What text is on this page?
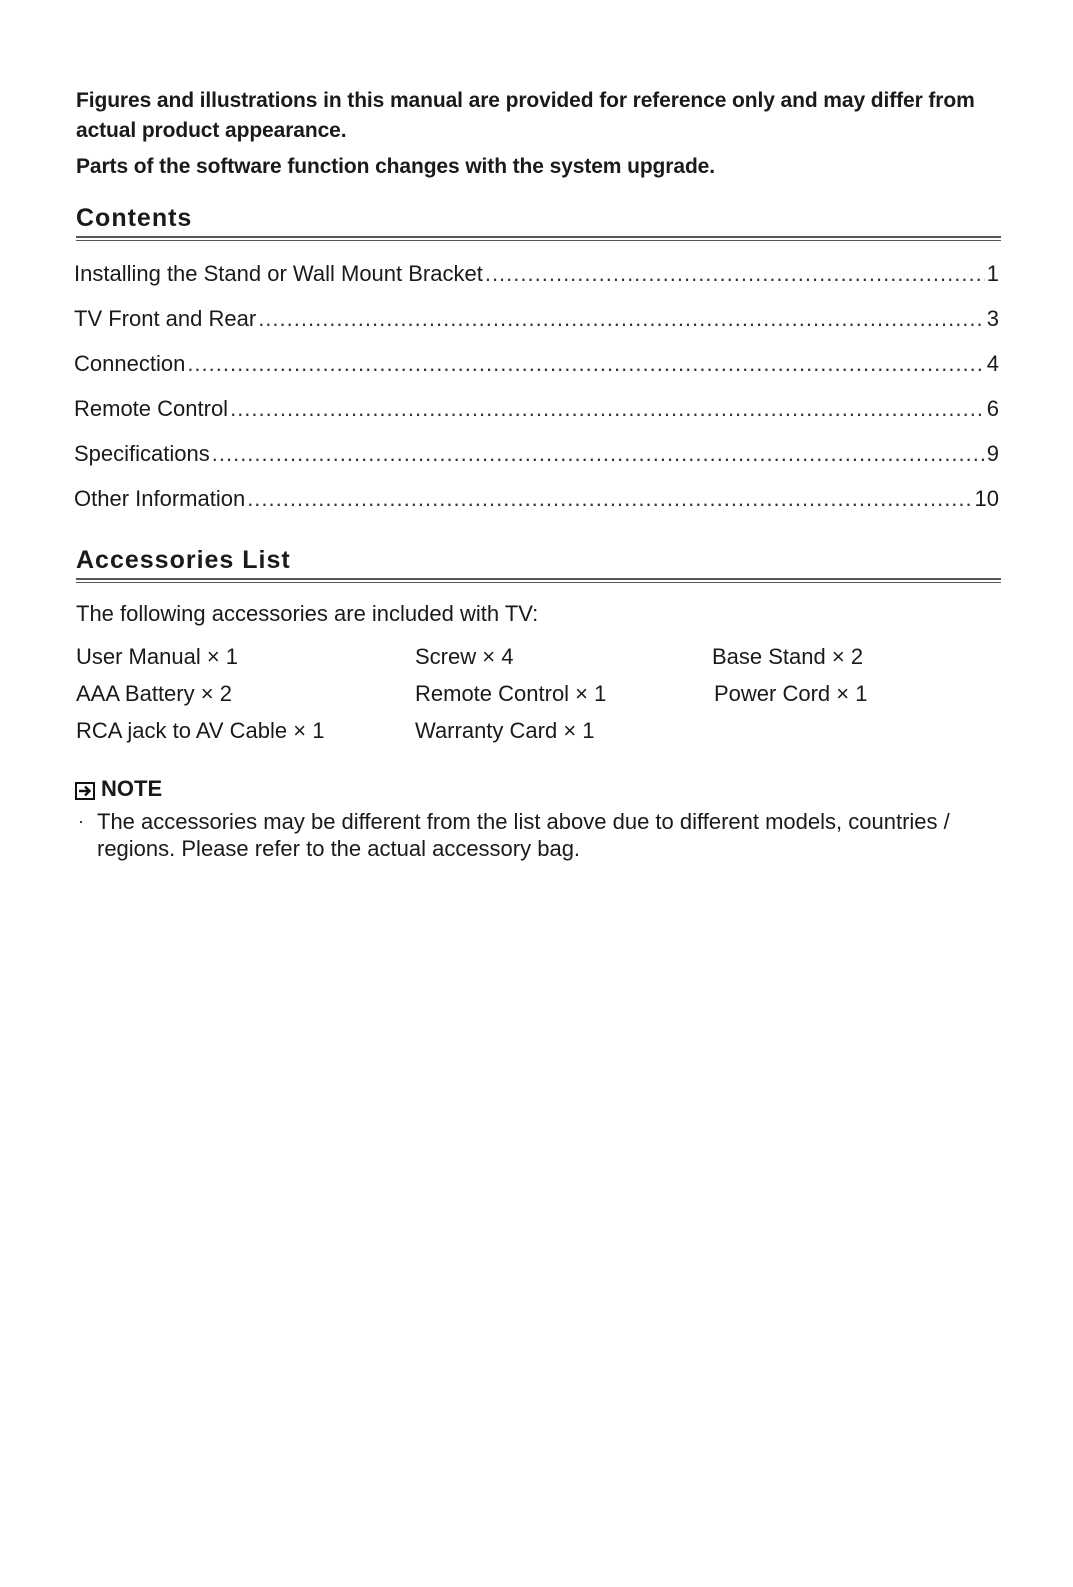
Figures and illustrations in this manual are provided for reference only and may differ from actual product appearance.

Parts of the software function changes with the system upgrade.

Contents
Installing the Stand or Wall Mount Bracket .....	1
TV Front and Rear .....	3
Connection .....	4
Remote Control .....	6
Specifications .....	9
Other Information .....	10
Accessories List
The following accessories are included with TV:
User Manual × 1	Screw × 4	Base Stand × 2
AAA Battery × 2	Remote Control × 1	Power Cord × 1
RCA jack to AV Cable × 1	Warranty Card × 1
NOTE
· The accessories may be different from the list above due to different models, countries / regions. Please refer to the actual accessory bag.
